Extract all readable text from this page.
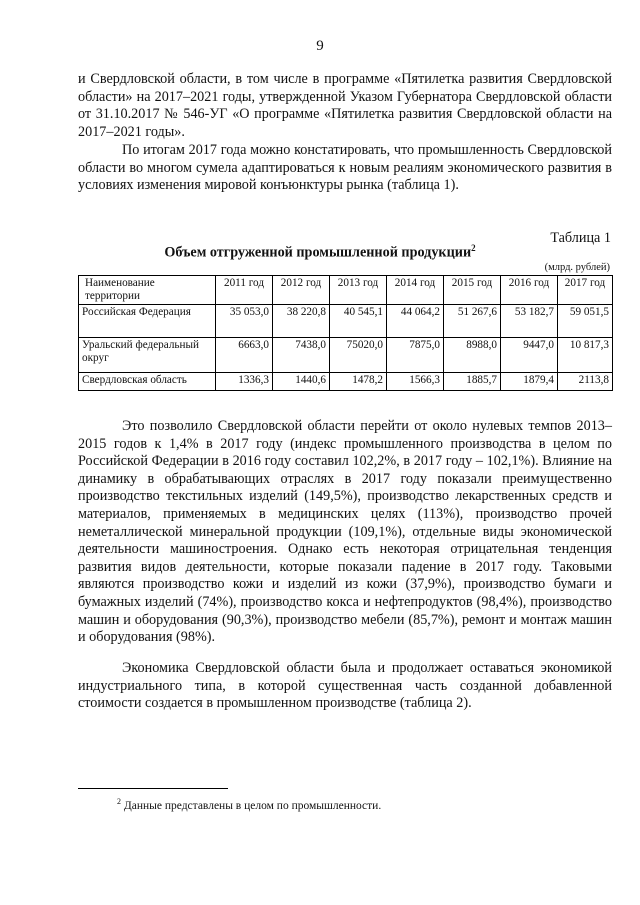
9

и Свердловской области, в том числе в программе «Пятилетка развития Свердловской области» на 2017–2021 годы, утвержденной Указом Губернатора Свердловской области от 31.10.2017 № 546-УГ «О программе «Пятилетка развития Свердловской области на 2017–2021 годы».

По итогам 2017 года можно констатировать, что промышленность Свердловской области во многом сумела адаптироваться к новым реалиям экономического развития в условиях изменения мировой конъюнктуры рынка (таблица 1).

Таблица 1
Объем отгруженной промышленной продукции$^2$
(млрд. рублей)
Наименование территории	2011 год	2012 год	2013 год	2014 год	2015 год	2016 год	2017 год
Российская Федерация	35 053,0	38 220,8	40 545,1	44 064,2	51 267,6	53 182,7	59 051,5
Уральский федеральный округ	6663,0	7438,0	75020,0	7875,0	8988,0	9447,0	10 817,3
Свердловская область	1336,3	1440,6	1478,2	1566,3	1885,7	1879,4	2113,8

Это позволило Свердловской области перейти от около нулевых темпов 2013–2015 годов к 1,4% в 2017 году (индекс промышленного производства в целом по Российской Федерации в 2016 году составил 102,2%, в 2017 году – 102,1%). Влияние на динамику в обрабатывающих отраслях в 2017 году показали преимущественно производство текстильных изделий (149,5%), производство лекарственных средств и материалов, применяемых в медицинских целях (113%), производство прочей неметаллической минеральной продукции (109,1%), отдельные виды экономической деятельности машиностроения. Однако есть некоторая отрицательная тенденция развития видов деятельности, которые показали падение в 2017 году. Таковыми являются производство кожи и изделий из кожи (37,9%), производство бумаги и бумажных изделий (74%), производство кокса и нефтепродуктов (98,4%), производство машин и оборудования (90,3%), производство мебели (85,7%), ремонт и монтаж машин и оборудования (98%).

Экономика Свердловской области была и продолжает оставаться экономикой индустриального типа, в которой существенная часть созданной добавленной стоимости создается в промышленном производстве (таблица 2).

$^2$ Данные представлены в целом по промышленности.
